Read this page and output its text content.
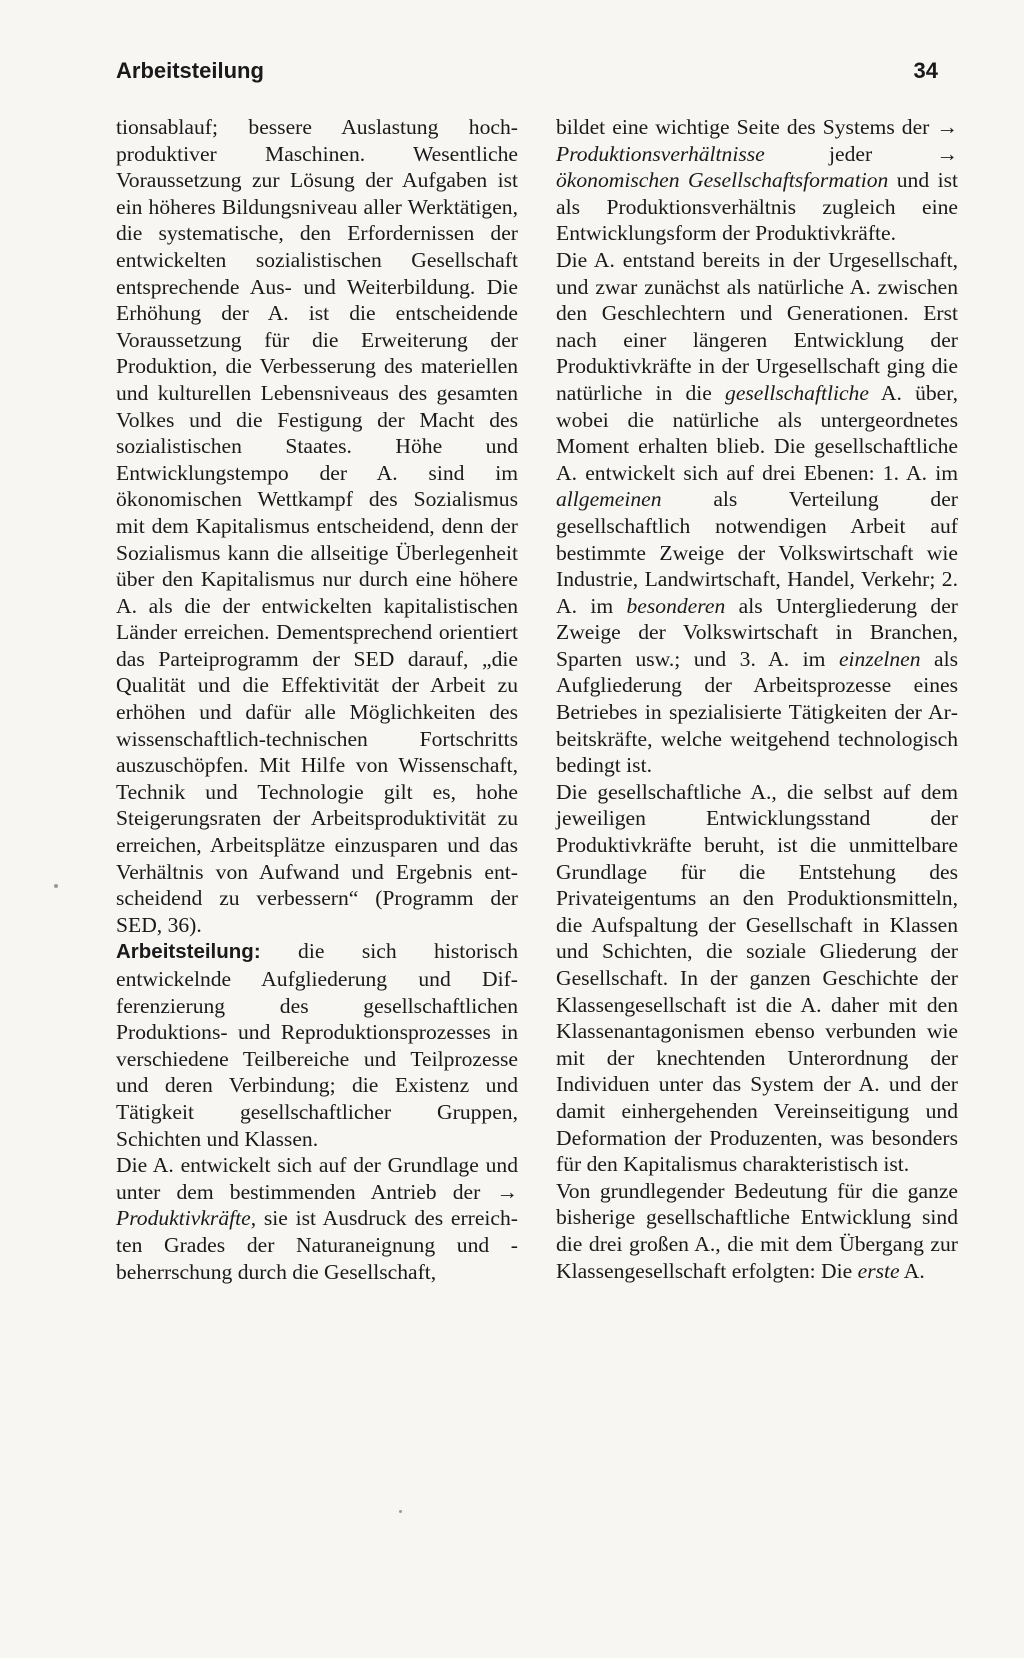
Arbeitsteilung	34

tionsablauf; bessere Auslastung hochproduktiver Maschinen. Wesentliche Voraussetzung zur Lösung der Aufgaben ist ein höheres Bildungsniveau aller Werktätigen, die systematische, den Erfordernissen der entwickelten sozialistischen Gesellschaft entsprechende Aus- und Weiterbildung. Die Erhöhung der A. ist die entscheidende Voraussetzung für die Erweiterung der Produktion, die Verbesserung des materiellen und kulturellen Lebensniveaus des gesamten Volkes und die Festigung der Macht des sozialistischen Staates. Höhe und Entwicklungstempo der A. sind im ökonomischen Wettkampf des Sozialismus mit dem Kapitalismus entscheidend, denn der Sozialismus kann die allseitige Überlegenheit über den Kapitalismus nur durch eine höhere A. als die der entwickelten kapitalistischen Länder erreichen. Dementsprechend orientiert das Parteiprogramm der SED darauf, „die Qualität und die Effektivität der Arbeit zu erhöhen und dafür alle Möglichkeiten des wissenschaftlich-technischen Fortschritts auszuschöpfen. Mit Hilfe von Wissenschaft, Technik und Technologie gilt es, hohe Steigerungsraten der Arbeitsproduktivität zu erreichen, Arbeitsplätze einzusparen und das Verhältnis von Aufwand und Ergebnis entscheidend zu verbessern“ (Programm der SED, 36).

Arbeitsteilung: die sich historisch entwickelnde Aufgliederung und Differenzierung des gesellschaftlichen Produktions- und Reproduktionsprozesses in verschiedene Teilbereiche und Teilprozesse und deren Verbindung; die Existenz und Tätigkeit gesellschaftlicher Gruppen, Schichten und Klassen.

Die A. entwickelt sich auf der Grundlage und unter dem bestimmenden Antrieb der → Produktivkräfte, sie ist Ausdruck des erreichten Grades der Naturaneignung und -beherrschung durch die Gesellschaft,

bildet eine wichtige Seite des Systems der → Produktionsverhältnisse jeder → ökonomischen Gesellschaftsformation und ist als Produktionsverhältnis zugleich eine Entwicklungsform der Produktivkräfte.

Die A. entstand bereits in der Urgesellschaft, und zwar zunächst als natürliche A. zwischen den Geschlechtern und Generationen. Erst nach einer längeren Entwicklung der Produktivkräfte in der Urgesellschaft ging die natürliche in die gesellschaftliche A. über, wobei die natürliche als untergeordnetes Moment erhalten blieb. Die gesellschaftliche A. entwickelt sich auf drei Ebenen: 1. A. im allgemeinen als Verteilung der gesellschaftlich notwendigen Arbeit auf bestimmte Zweige der Volkswirtschaft wie Industrie, Landwirtschaft, Handel, Verkehr; 2. A. im besonderen als Untergliederung der Zweige der Volkswirtschaft in Branchen, Sparten usw.; und 3. A. im einzelnen als Aufgliederung der Arbeitsprozesse eines Betriebes in spezialisierte Tätigkeiten der Arbeitskräfte, welche weitgehend technologisch bedingt ist.

Die gesellschaftliche A., die selbst auf dem jeweiligen Entwicklungsstand der Produktivkräfte beruht, ist die unmittelbare Grundlage für die Entstehung des Privateigentums an den Produktionsmitteln, die Aufspaltung der Gesellschaft in Klassen und Schichten, die soziale Gliederung der Gesellschaft. In der ganzen Geschichte der Klassengesellschaft ist die A. daher mit den Klassenantagonismen ebenso verbunden wie mit der knechtenden Unterordnung der Individuen unter das System der A. und der damit einhergehenden Vereinseitigung und Deformation der Produzenten, was besonders für den Kapitalismus charakteristisch ist.

Von grundlegender Bedeutung für die ganze bisherige gesellschaftliche Entwicklung sind die drei großen A., die mit dem Übergang zur Klassengesellschaft erfolgten: Die erste A.
